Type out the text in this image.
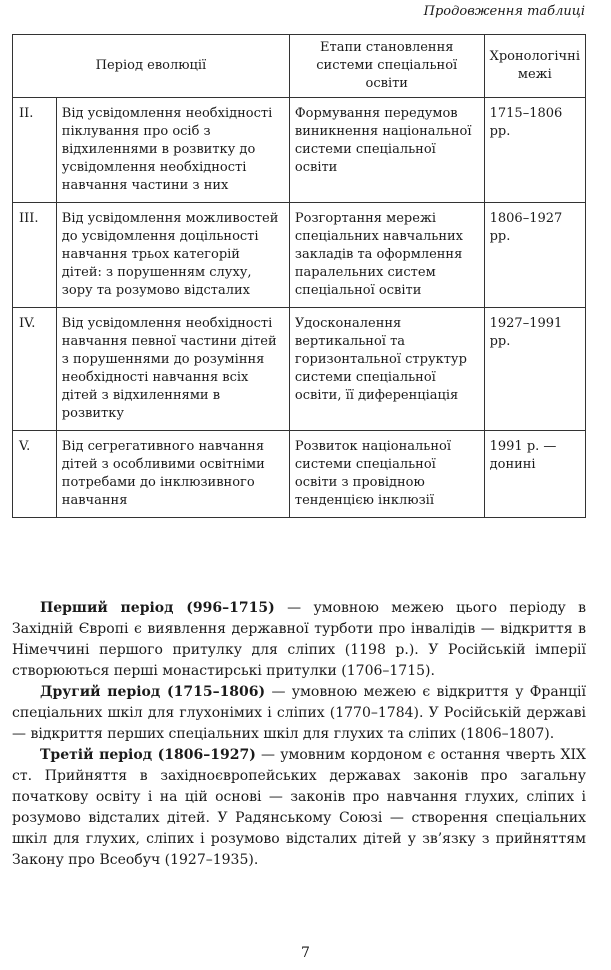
Продовження таблиці
Період еволюції		Етапи становлення системи спеціальної освіти	Хронологічні межі
II.	Від усвідомлення необхідності піклування про осіб з відхиленнями в розвитку до усвідомлення необхідності навчання частини з них	Формування передумов виникнення національної системи спеціальної освіти	1715–1806 рр.
III.	Від усвідомлення можливостей до усвідомлення доцільності навчання трьох категорій дітей: з порушенням слуху, зору та розумово відсталих	Розгортання мережі спеціальних навчальних закладів та оформлення паралельних систем спеціальної освіти	1806–1927 рр.
IV.	Від усвідомлення необхідності навчання певної частини дітей з порушеннями до розуміння необхідності навчання всіх дітей з відхиленнями в розвитку	Удосконалення вертикальної та горизонтальної структур системи спеціальної освіти, її диференціація	1927–1991 рр.
V.	Від сегрегативного навчання дітей з особливими освітніми потребами до інклюзивного навчання	Розвиток національної системи спеціальної освіти з провідною тенденцією інклюзії	1991 р. — донині

Перший період (996–1715) — умовною межею цього періоду в Західній Європі є виявлення державної турботи про інвалідів — відкриття в Німеччині першого притулку для сліпих (1198 р.). У Російській імперії створюються перші монастирські притулки (1706–1715).

Другий період (1715–1806) — умовною межею є відкриття у Франції спеціальних шкіл для глухонімих і сліпих (1770–1784). У Російській державі — відкриття перших спеціальних шкіл для глухих та сліпих (1806–1807).

Третій період (1806–1927) — умовним кордоном є остання чверть XIX ст. Прийняття в західноєвропейських державах законів про загальну початкову освіту і на цій основі — законів про навчання глухих, сліпих і розумово відсталих дітей. У Радянському Союзі — створення спеціальних шкіл для глухих, сліпих і розумово відсталих дітей у зв’язку з прийняттям Закону про Всеобуч (1927–1935).

7
